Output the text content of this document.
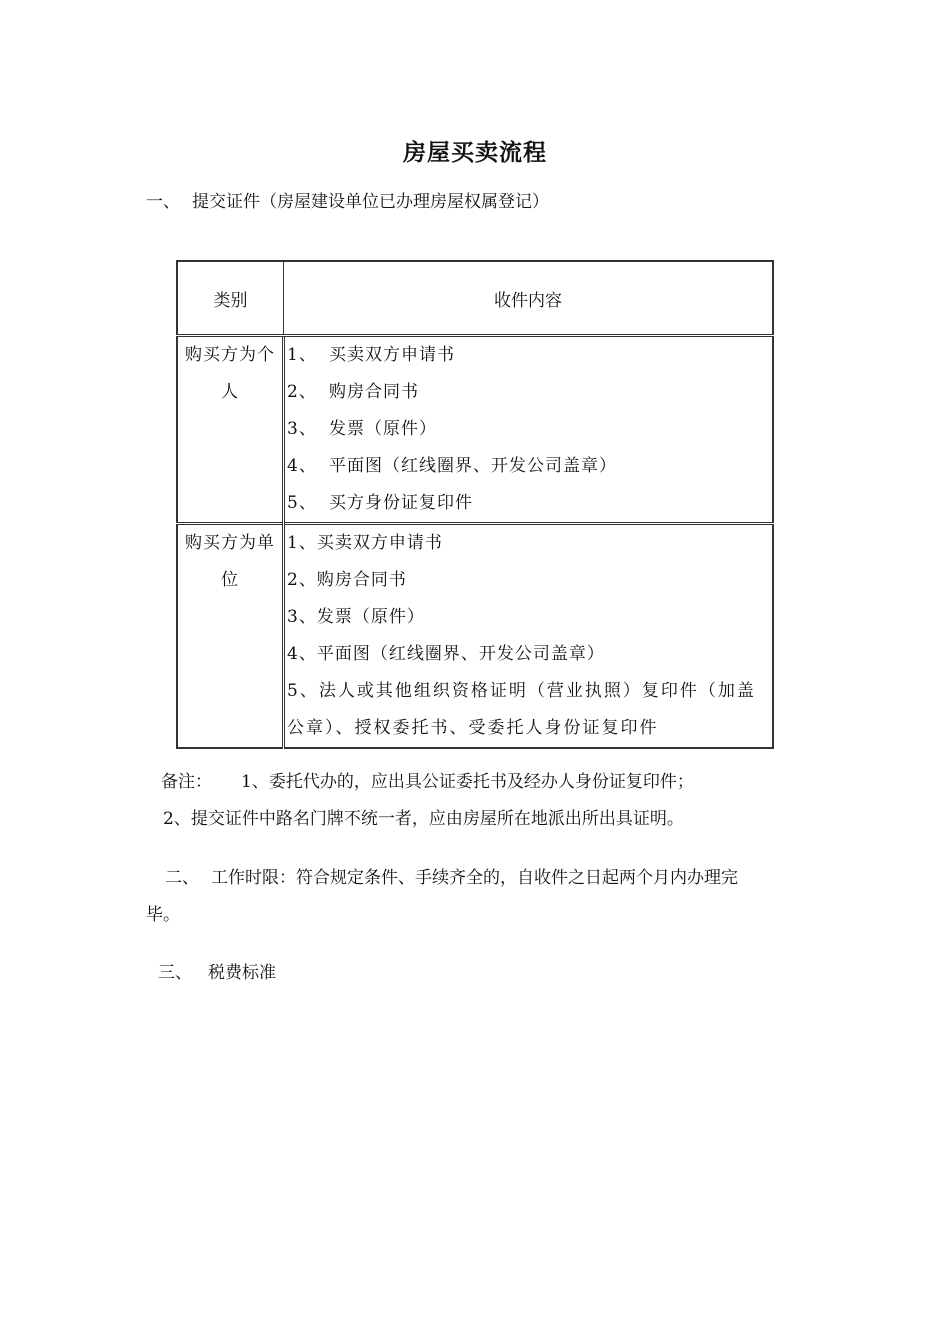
房屋买卖流程
一、 提交证件（房屋建设单位已办理房屋权属登记）
类别	收件内容

购买方为个人	1、 买卖双方申请书
2、 购房合同书
3、 发票（原件）
4、 平面图（红线圈界、开发公司盖章）
5、 买方身份证复印件

购买方为单位	1、买卖双方申请书
2、购房合同书
3、发票（原件）
4、平面图（红线圈界、开发公司盖章）
5、法人或其他组织资格证明（营业执照）复印件（加盖公章）、授权委托书、受委托人身份证复印件
备注： 1、委托代办的，应出具公证委托书及经办人身份证复印件；
2、提交证件中路名门牌不统一者，应由房屋所在地派出所出具证明。
二、 工作时限：符合规定条件、手续齐全的，自收件之日起两个月内办理完
毕。
三、 税费标准
